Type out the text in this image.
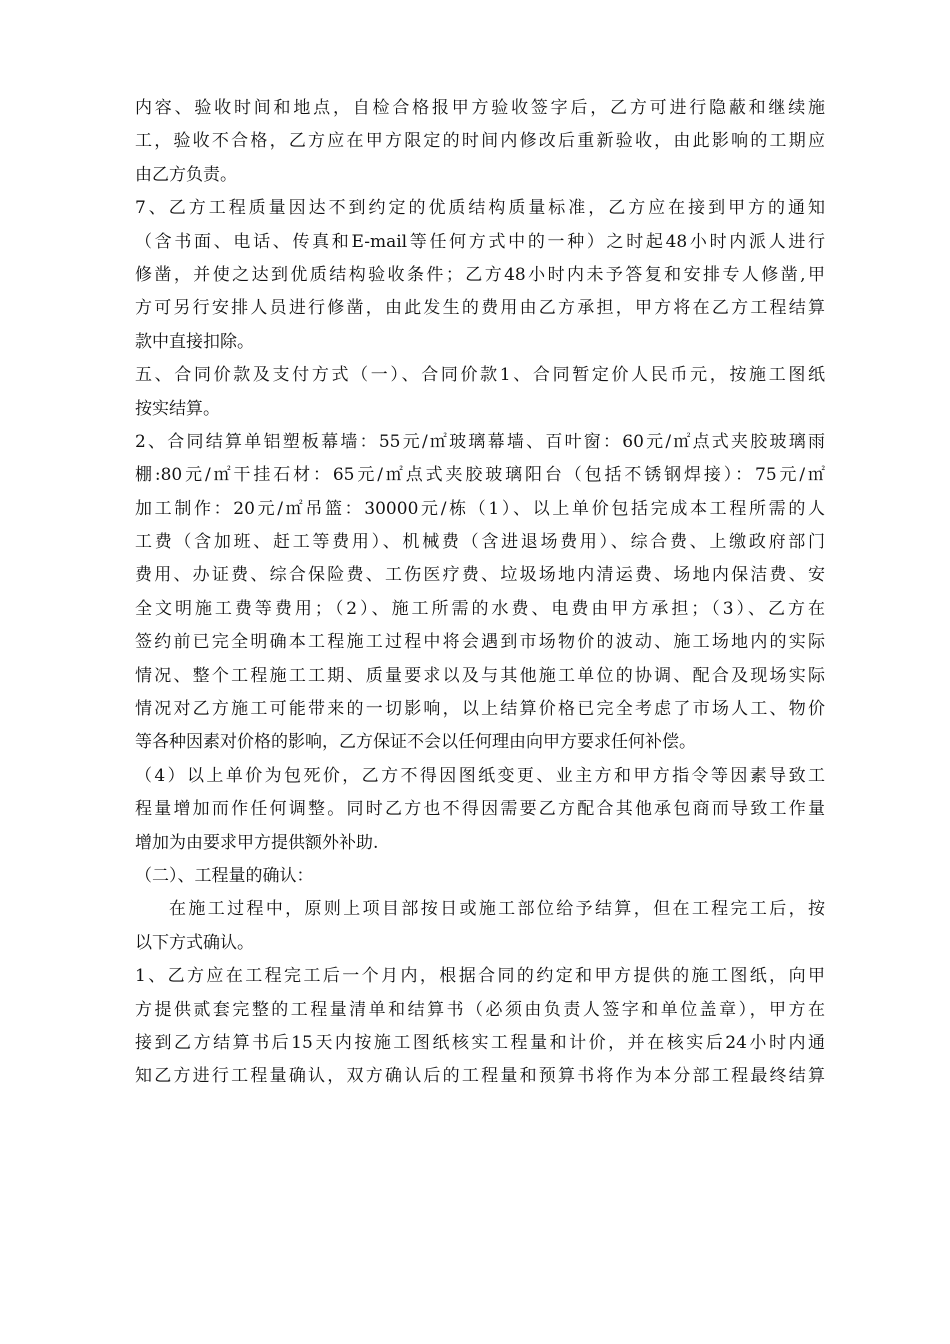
内容、验收时间和地点，自检合格报甲方验收签字后，乙方可进行隐蔽和继续施
工，验收不合格，乙方应在甲方限定的时间内修改后重新验收，由此影响的工期应
由乙方负责。
7、乙方工程质量因达不到约定的优质结构质量标准，乙方应在接到甲方的通知
（含书面、电话、传真和E-mail等任何方式中的一种）之时起48小时内派人进行
修凿，并使之达到优质结构验收条件；乙方48小时内未予答复和安排专人修凿,甲
方可另行安排人员进行修凿，由此发生的费用由乙方承担，甲方将在乙方工程结算
款中直接扣除。
五、合同价款及支付方式（一）、合同价款1、合同暂定价人民币元，按施工图纸
按实结算。
2、合同结算单铝塑板幕墙：55元/㎡玻璃幕墙、百叶窗：60元/㎡点式夹胶玻璃雨
棚:80元/㎡干挂石材：65元/㎡点式夹胶玻璃阳台（包括不锈钢焊接）：75元/㎡
加工制作：20元/㎡吊篮：30000元/栋（1）、以上单价包括完成本工程所需的人
工费（含加班、赶工等费用）、机械费（含进退场费用）、综合费、上缴政府部门
费用、办证费、综合保险费、工伤医疗费、垃圾场地内清运费、场地内保洁费、安
全文明施工费等费用；（2）、施工所需的水费、电费由甲方承担；（3）、乙方在
签约前已完全明确本工程施工过程中将会遇到市场物价的波动、施工场地内的实际
情况、整个工程施工工期、质量要求以及与其他施工单位的协调、配合及现场实际
情况对乙方施工可能带来的一切影响，以上结算价格已完全考虑了市场人工、物价
等各种因素对价格的影响，乙方保证不会以任何理由向甲方要求任何补偿。
（4）以上单价为包死价，乙方不得因图纸变更、业主方和甲方指令等因素导致工
程量增加而作任何调整。同时乙方也不得因需要乙方配合其他承包商而导致工作量
增加为由要求甲方提供额外补助.
（二）、工程量的确认：
在施工过程中，原则上项目部按日或施工部位给予结算，但在工程完工后，按
以下方式确认。
1、乙方应在工程完工后一个月内，根据合同的约定和甲方提供的施工图纸，向甲
方提供贰套完整的工程量清单和结算书（必须由负责人签字和单位盖章），甲方在
接到乙方结算书后15天内按施工图纸核实工程量和计价，并在核实后24小时内通
知乙方进行工程量确认，双方确认后的工程量和预算书将作为本分部工程最终结算
